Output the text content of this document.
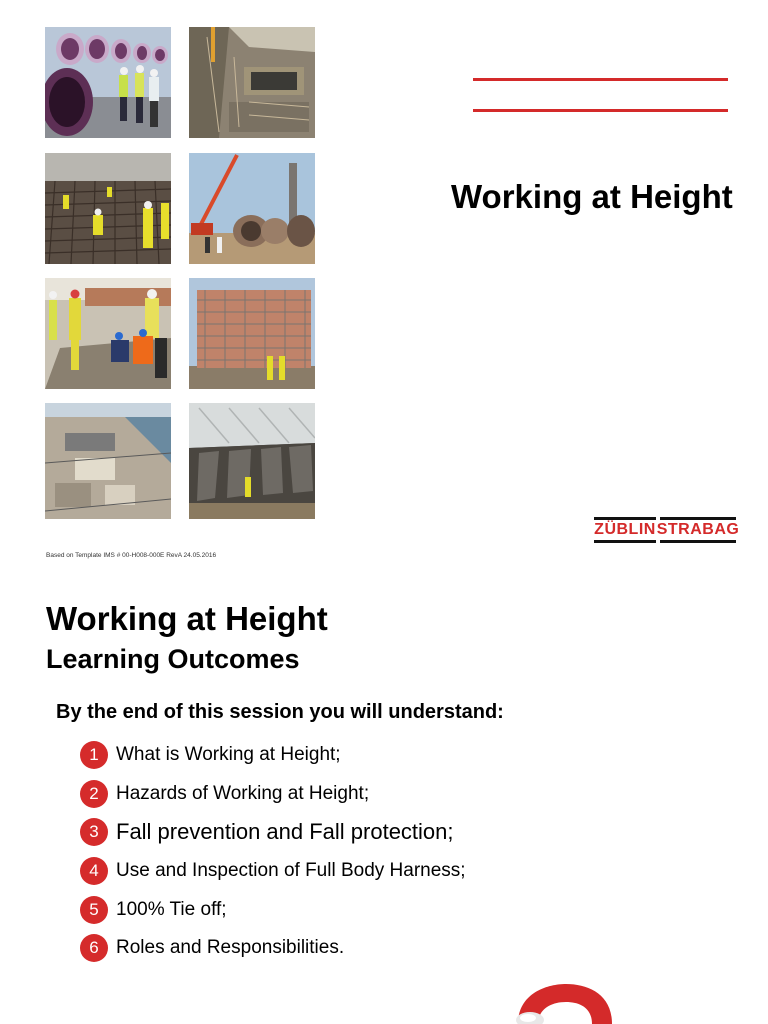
Working at Height
ZÜBLIN STRABAG
Based on Template IMS # 00-H008-000E RevA 24.05.2016
Working at Height
Learning Outcomes

By the end of this session you will understand:

1 What is Working at Height;
2 Hazards of Working at Height;
3 Fall prevention and Fall protection;
4 Use and Inspection of Full Body Harness;
5 100% Tie off;
6 Roles and Responsibilities.
